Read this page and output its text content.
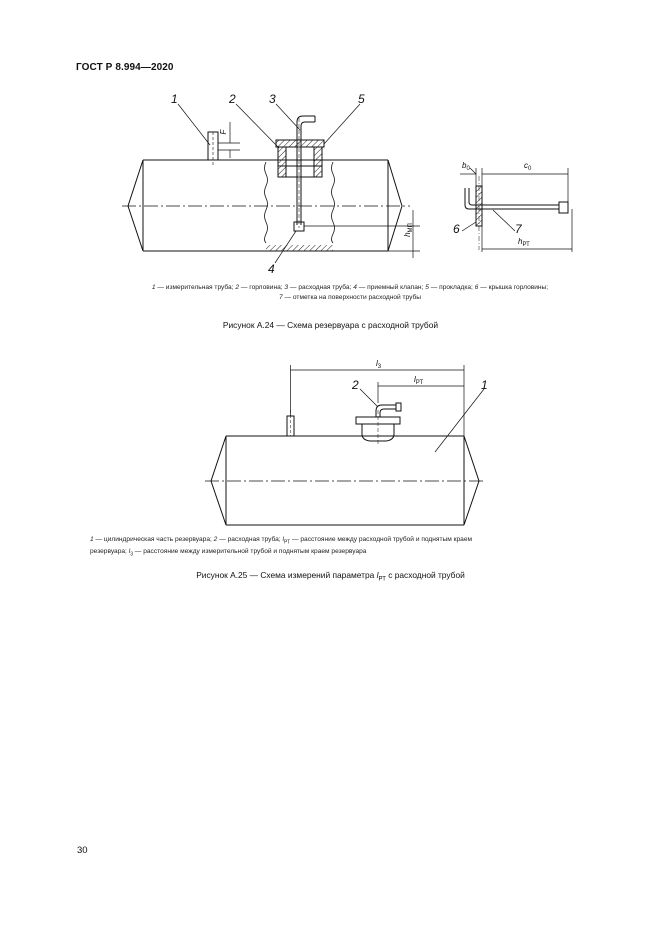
ГОСТ Р 8.994—2020
1	2	3	5
4
F
$h_{МП}$
$b_0$	$c_0$
$h_{РТ}$
6	7
1 — измерительная труба; 2 — горловина; 3 — расходная труба; 4 — приемный клапан; 5 — прокладка; 6 — крышка горловины;
7 — отметка на поверхности расходной трубы
Рисунок А.24 — Схема резервуара с расходной трубой
$l_3$
$l_{РТ}$
2	1
1 — цилиндрическая часть резервуара; 2 — расходная труба; $l_{РТ}$ — расстояние между расходной трубой и поднятым краем
резервуара; $l_3$ — расстояние между измерительной трубой и поднятым краем резервуара
Рисунок А.25 — Схема измерений параметра $l_{РТ}$ с расходной трубой
30
